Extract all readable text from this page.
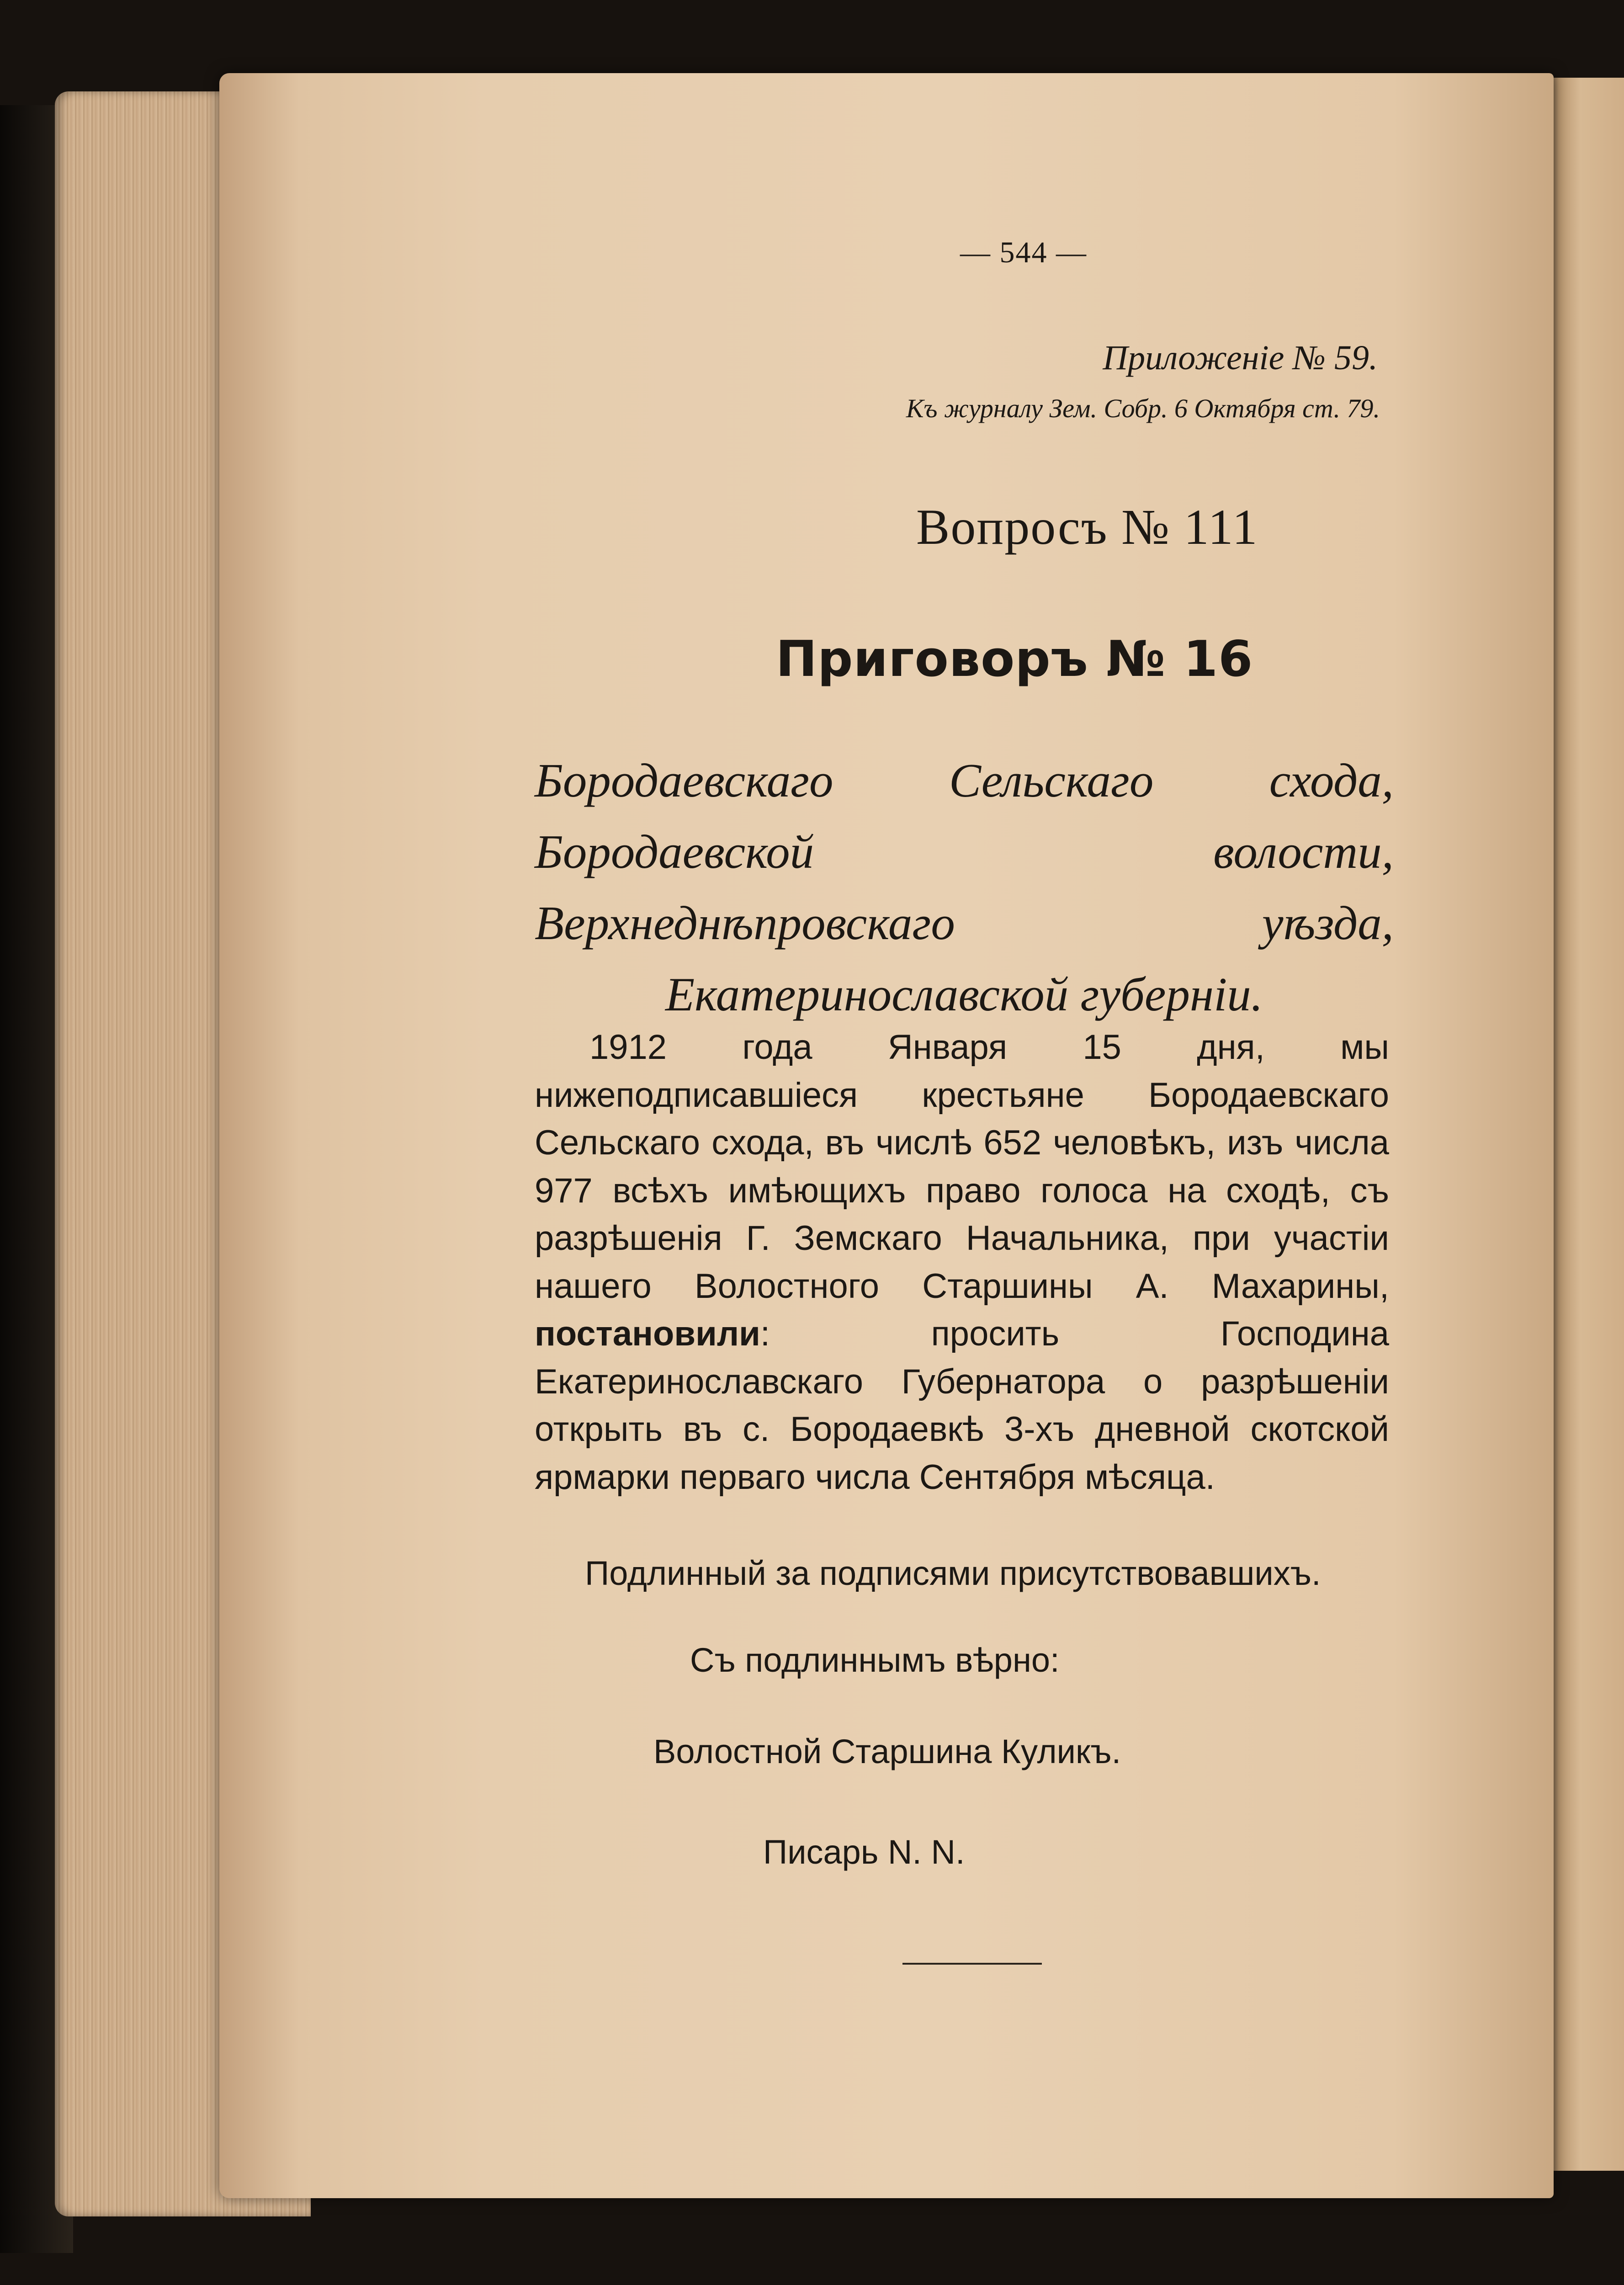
— 544 —
Приложенiе № 59.
Къ журналу Зем. Собр. 6 Октября ст. 79.
Вопросъ № 111
Приговоръ № 16
Бородаевскаго Сельскаго схода, Бородаевской волости, Верхнеднѣпровскаго уѣзда, Екатеринославской губернiи.
1912 года Января 15 дня, мы нижеподписавшiеся крестьяне Бородаевскаго Сельскаго схода, въ числѣ 652 человѣкъ, изъ числа 977 всѣхъ имѣющихъ право голоса на сходѣ, съ разрѣшенiя Г. Земскаго Начальника, при участiи нашего Волостного Старшины А. Махарины, постановили: просить Господина Екатеринославскаго Губернатора о разрѣшенiи открыть въ с. Бородаевкѣ 3-хъ дневной скотской ярмарки перваго числа Сентября мѣсяца.
Подлинный за подписями присутствовавшихъ.
Съ подлиннымъ вѣрно:
Волостной Старшина Куликъ.
Писарь N. N.
